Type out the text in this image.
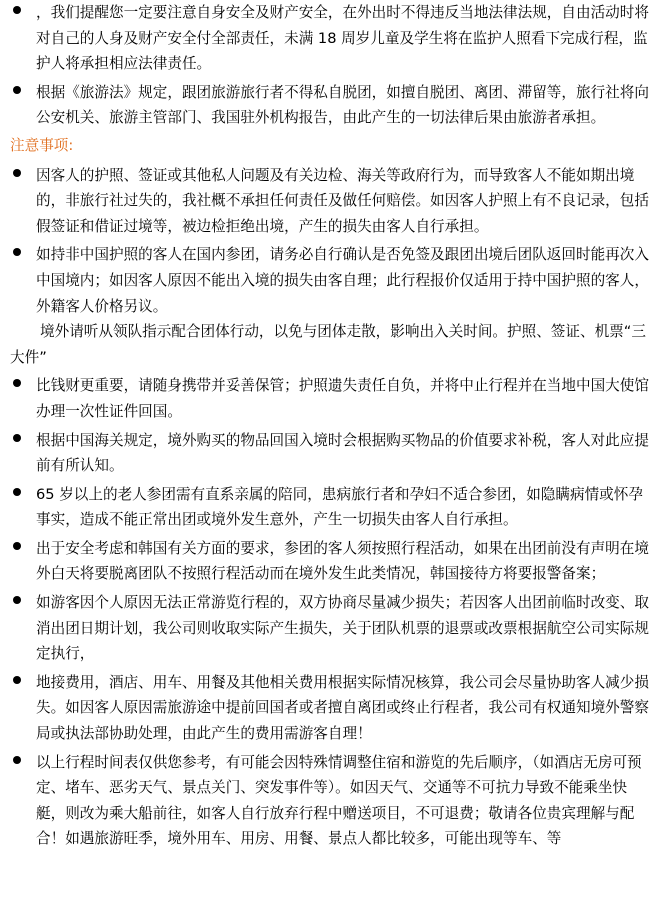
，我们提醒您一定要注意自身安全及财产安全，在外出时不得违反当地法律法规，自由活动时将对自己的人身及财产安全付全部责任，未满 18 周岁儿童及学生将在监护人照看下完成行程，监护人将承担相应法律责任。
根据《旅游法》规定，跟团旅游旅行者不得私自脱团，如擅自脱团、离团、滞留等，旅行社将向公安机关、旅游主管部门、我国驻外机构报告，由此产生的一切法律后果由旅游者承担。
注意事项:
因客人的护照、签证或其他私人问题及有关边检、海关等政府行为，而导致客人不能如期出境的，非旅行社过失的，我社概不承担任何责任及做任何赔偿。如因客人护照上有不良记录，包括假签证和借证过境等，被边检拒绝出境，产生的损失由客人自行承担。
如持非中国护照的客人在国内参团，请务必自行确认是否免签及跟团出境后团队返回时能再次入中国境内；如因客人原因不能出入境的损失由客自理；此行程报价仅适用于持中国护照的客人，外籍客人价格另议。
境外请听从领队指示配合团体行动，以免与团体走散，影响出入关时间。护照、签证、机票“三大件”
比钱财更重要，请随身携带并妥善保管；护照遗失责任自负，并将中止行程并在当地中国大使馆办理一次性证件回国。
根据中国海关规定，境外购买的物品回国入境时会根据购买物品的价值要求补税，客人对此应提前有所认知。
65 岁以上的老人参团需有直系亲属的陪同，患病旅行者和孕妇不适合参团，如隐瞒病情或怀孕事实，造成不能正常出团或境外发生意外，产生一切损失由客人自行承担。
出于安全考虑和韩国有关方面的要求，参团的客人须按照行程活动，如果在出团前没有声明在境外白天将要脱离团队不按照行程活动而在境外发生此类情况，韩国接待方将要报警备案；
如游客因个人原因无法正常游览行程的，双方协商尽量减少损失；若因客人出团前临时改变、取消出团日期计划，我公司则收取实际产生损失，关于团队机票的退票或改票根据航空公司实际规定执行，
地接费用，酒店、用车、用餐及其他相关费用根据实际情况核算，我公司会尽量协助客人减少损失。如因客人原因需旅游途中提前回国者或者擅自离团或终止行程者，我公司有权通知境外警察局或执法部协助处理，由此产生的费用需游客自理！
以上行程时间表仅供您参考，有可能会因特殊情调整住宿和游览的先后顺序，（如酒店无房可预定、堵车、恶劣天气、景点关门、突发事件等）。如因天气、交通等不可抗力导致不能乘坐快艇，则改为乘大船前往，如客人自行放弃行程中赠送项目，不可退费；敬请各位贵宾理解与配合！如遇旅游旺季，境外用车、用房、用餐、景点人都比较多，可能出现等车、等
